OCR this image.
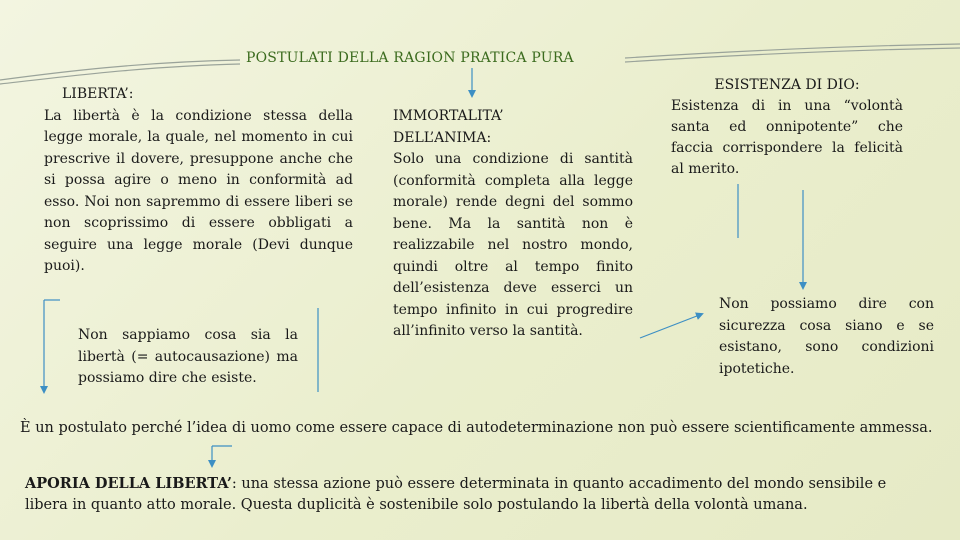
POSTULATI DELLA RAGION PRATICA PURA
LIBERTA’:
La libertà è la condizione stessa della legge morale, la quale, nel momento in cui prescrive il dovere, presuppone anche che si possa agire o meno in conformità ad esso. Noi non sapremmo di essere liberi se non scoprissimo di essere obbligati a seguire una legge morale (Devi dunque puoi).
Non sappiamo cosa sia la libertà (= autocausazione) ma possiamo dire che esiste.
IMMORTALITA’ DELL’ANIMA:
Solo una condizione di santità (conformità completa alla legge morale) rende degni del sommo bene. Ma la santità non è realizzabile nel nostro mondo, quindi oltre al tempo finito dell’esistenza deve esserci un tempo infinito in cui progredire all’infinito verso la santità.
ESISTENZA DI DIO:
Esistenza di in una “volontà santa ed onnipotente” che faccia corrispondere la felicità al merito.
Non possiamo dire con sicurezza cosa siano e se esistano, sono condizioni ipotetiche.
È un postulato perché l’idea di uomo come essere capace di autodeterminazione non può essere scientificamente ammessa.
APORIA DELLA LIBERTA’: una stessa azione può essere determinata in quanto accadimento del mondo sensibile e libera in quanto atto morale. Questa duplicità è sostenibile solo postulando la libertà della volontà umana.
